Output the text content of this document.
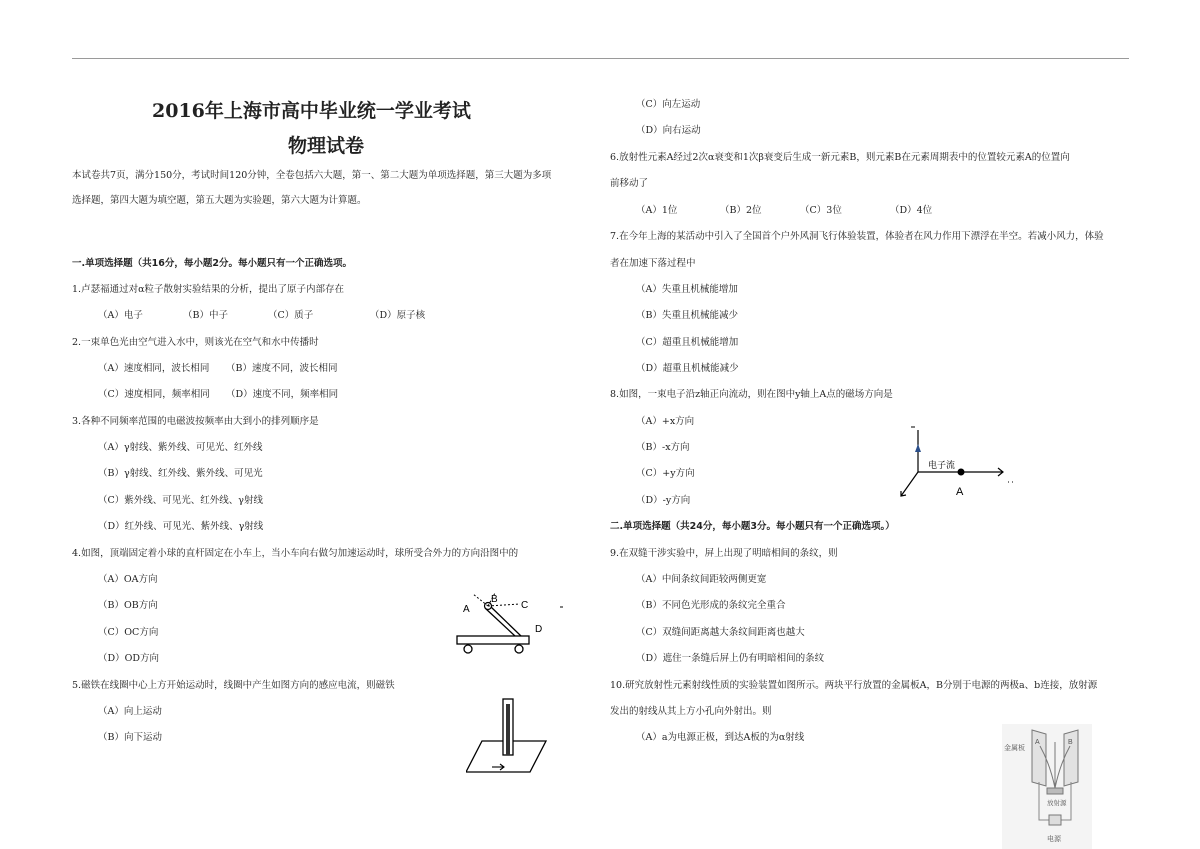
2016年上海市高中毕业统一学业考试
物理试卷
本试卷共7页，满分150分，考试时间120分钟，全卷包括六大题，第一、第二大题为单项选择题，第三大题为多项
选择题，第四大题为填空题，第五大题为实验题，第六大题为计算题。
一.单项选择题（共16分，每小题2分。每小题只有一个正确选项。
1.卢瑟福通过对α粒子散射实验结果的分析，提出了原子内部存在
（A）电子	（B）中子	（C）质子	（D）原子核
2.一束单色光由空气进入水中，则该光在空气和水中传播时
（A）速度相同，波长相同 （B）速度不同，波长相同
（C）速度相同，频率相同 （D）速度不同，频率相同
3.各种不同频率范围的电磁波按频率由大到小的排列顺序是
（A）γ射线、紫外线、可见光、红外线
（B）γ射线、红外线、紫外线、可见光
（C）紫外线、可见光、红外线、γ射线
（D）红外线、可见光、紫外线、γ射线
4.如图，顶端固定着小球的直杆固定在小车上，当小车向右做匀加速运动时，球所受合外力的方向沿图中的
（A）OA方向
（B）OB方向
（C）OC方向
（D）OD方向
A
B
C
D
5.磁铁在线圈中心上方开始运动时，线圈中产生如图方向的感应电流，则磁铁
（A）向上运动
（B）向下运动
（C）向左运动
（D）向右运动
6.放射性元素A经过2次α衰变和1次β衰变后生成一新元素B，则元素B在元素周期表中的位置较元素A的位置向
前移动了
（A）1位	（B）2位	（C）3位	（D）4位
7.在今年上海的某活动中引入了全国首个户外风洞飞行体验装置，体验者在风力作用下漂浮在半空。若减小风力，体验
者在加速下落过程中
（A）失重且机械能增加
（B）失重且机械能减少
（C）超重且机械能增加
（D）超重且机械能减少
8.如图，一束电子沿z轴正向流动，则在图中y轴上A点的磁场方向是
（A）+x方向
（B）-x方向
（C）+y方向
（D）-y方向
电子流
A
二.单项选择题（共24分，每小题3分。每小题只有一个正确选项。）
9.在双缝干涉实验中，屏上出现了明暗相间的条纹，则
（A）中间条纹间距较两侧更宽
（B）不同色光形成的条纹完全重合
（C）双缝间距离越大条纹间距离也越大
（D）遮住一条缝后屏上仍有明暗相间的条纹
10.研究放射性元素射线性质的实验装置如图所示。两块平行放置的金属板A，B分别于电源的两极a、b连接，放射源
发出的射线从其上方小孔向外射出。则
（A）a为电源正极，到达A板的为α射线
金属板
A	B
放射源
电源
